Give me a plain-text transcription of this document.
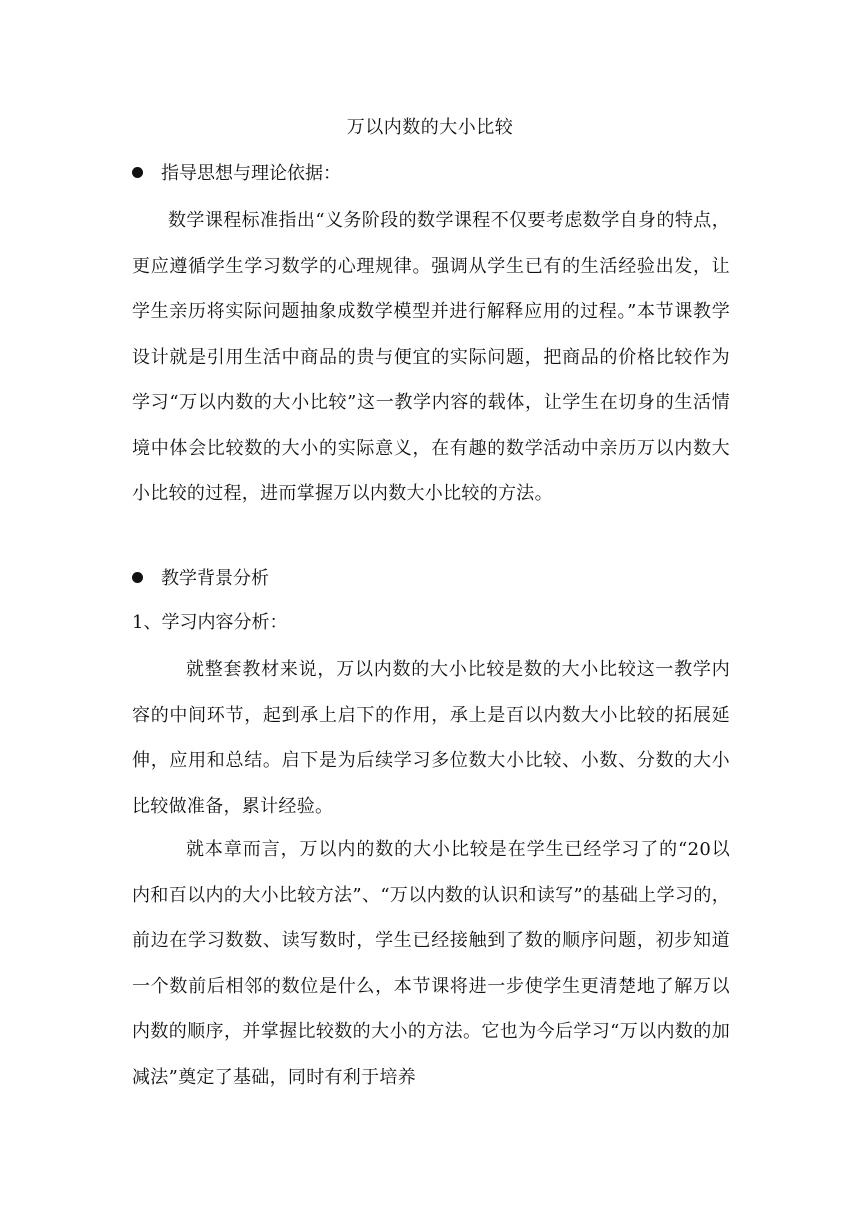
万以内数的大小比较
指导思想与理论依据：
数学课程标准指出“义务阶段的数学课程不仅要考虑数学自身的特点，更应遵循学生学习数学的心理规律。强调从学生已有的生活经验出发，让学生亲历将实际问题抽象成数学模型并进行解释应用的过程。”本节课教学设计就是引用生活中商品的贵与便宜的实际问题，把商品的价格比较作为学习“万以内数的大小比较”这一教学内容的载体，让学生在切身的生活情境中体会比较数的大小的实际意义，在有趣的数学活动中亲历万以内数大小比较的过程，进而掌握万以内数大小比较的方法。
教学背景分析
1、学习内容分析：
就整套教材来说，万以内数的大小比较是数的大小比较这一教学内容的中间环节，起到承上启下的作用，承上是百以内数大小比较的拓展延伸，应用和总结。启下是为后续学习多位数大小比较、小数、分数的大小比较做准备，累计经验。
就本章而言，万以内的数的大小比较是在学生已经学习了的“20以内和百以内的大小比较方法”、“万以内数的认识和读写”的基础上学习的，前边在学习数数、读写数时，学生已经接触到了数的顺序问题，初步知道一个数前后相邻的数位是什么，本节课将进一步使学生更清楚地了解万以内数的顺序，并掌握比较数的大小的方法。它也为今后学习“万以内数的加减法”奠定了基础，同时有利于培养
